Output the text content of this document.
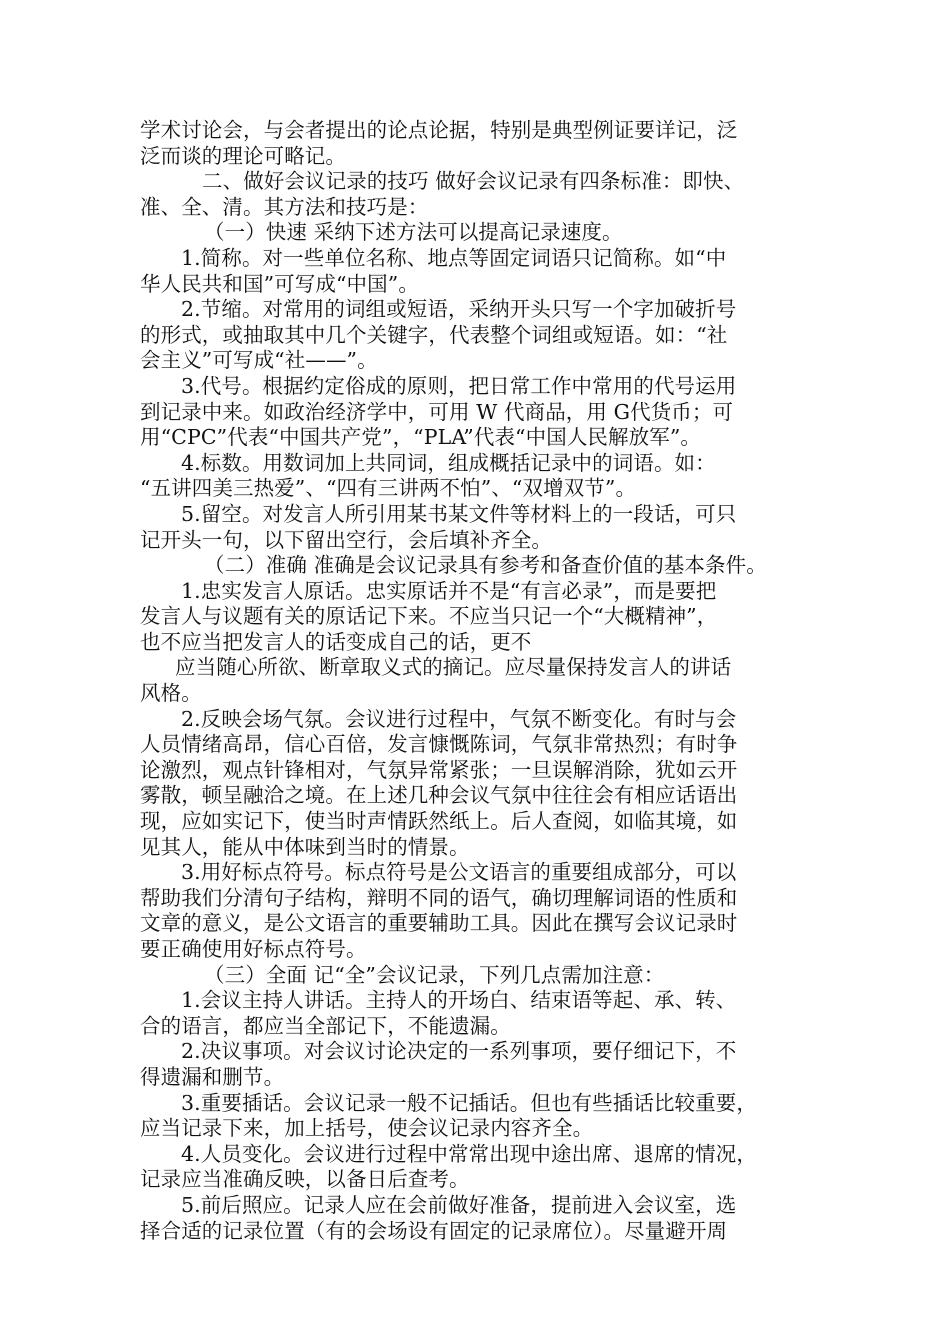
学术讨论会，与会者提出的论点论据，特别是典型例证要详记，泛
泛而谈的理论可略记。
二、做好会议记录的技巧 做好会议记录有四条标准：即快、
准、全、清。其方法和技巧是：
（一）快速 采纳下述方法可以提高记录速度。
1.简称。对一些单位名称、地点等固定词语只记简称。如“中
华人民共和国”可写成“中国”。
2.节缩。对常用的词组或短语，采纳开头只写一个字加破折号
的形式，或抽取其中几个关键字，代表整个词组或短语。如：“社
会主义”可写成“社——”。
3.代号。根据约定俗成的原则，把日常工作中常用的代号运用
到记录中来。如政治经济学中，可用 W 代商品，用 G代货币；可
用“CPC”代表“中国共产党”，“PLA”代表“中国人民解放军”。
4.标数。用数词加上共同词，组成概括记录中的词语。如：
“五讲四美三热爱”、“四有三讲两不怕”、“双增双节”。
5.留空。对发言人所引用某书某文件等材料上的一段话，可只
记开头一句，以下留出空行，会后填补齐全。
（二）准确 准确是会议记录具有参考和备查价值的基本条件。
1.忠实发言人原话。忠实原话并不是“有言必录”，而是要把
发言人与议题有关的原话记下来。不应当只记一个“大概精神”，
也不应当把发言人的话变成自己的话，更不
应当随心所欲、断章取义式的摘记。应尽量保持发言人的讲话
风格。
2.反映会场气氛。会议进行过程中，气氛不断变化。有时与会
人员情绪高昂，信心百倍，发言慷慨陈词，气氛非常热烈；有时争
论激烈，观点针锋相对，气氛异常紧张；一旦误解消除，犹如云开
雾散，顿呈融洽之境。在上述几种会议气氛中往往会有相应话语出
现，应如实记下，使当时声情跃然纸上。后人查阅，如临其境，如
见其人，能从中体味到当时的情景。
3.用好标点符号。标点符号是公文语言的重要组成部分，可以
帮助我们分清句子结构，辩明不同的语气，确切理解词语的性质和
文章的意义，是公文语言的重要辅助工具。因此在撰写会议记录时
要正确使用好标点符号。
（三）全面 记“全”会议记录，下列几点需加注意：
1.会议主持人讲话。主持人的开场白、结束语等起、承、转、
合的语言，都应当全部记下，不能遗漏。
2.决议事项。对会议讨论决定的一系列事项，要仔细记下，不
得遗漏和删节。
3.重要插话。会议记录一般不记插话。但也有些插话比较重要，
应当记录下来，加上括号，使会议记录内容齐全。
4.人员变化。会议进行过程中常常出现中途出席、退席的情况，
记录应当准确反映，以备日后查考。
5.前后照应。记录人应在会前做好准备，提前进入会议室，选
择合适的记录位置（有的会场设有固定的记录席位）。尽量避开周
